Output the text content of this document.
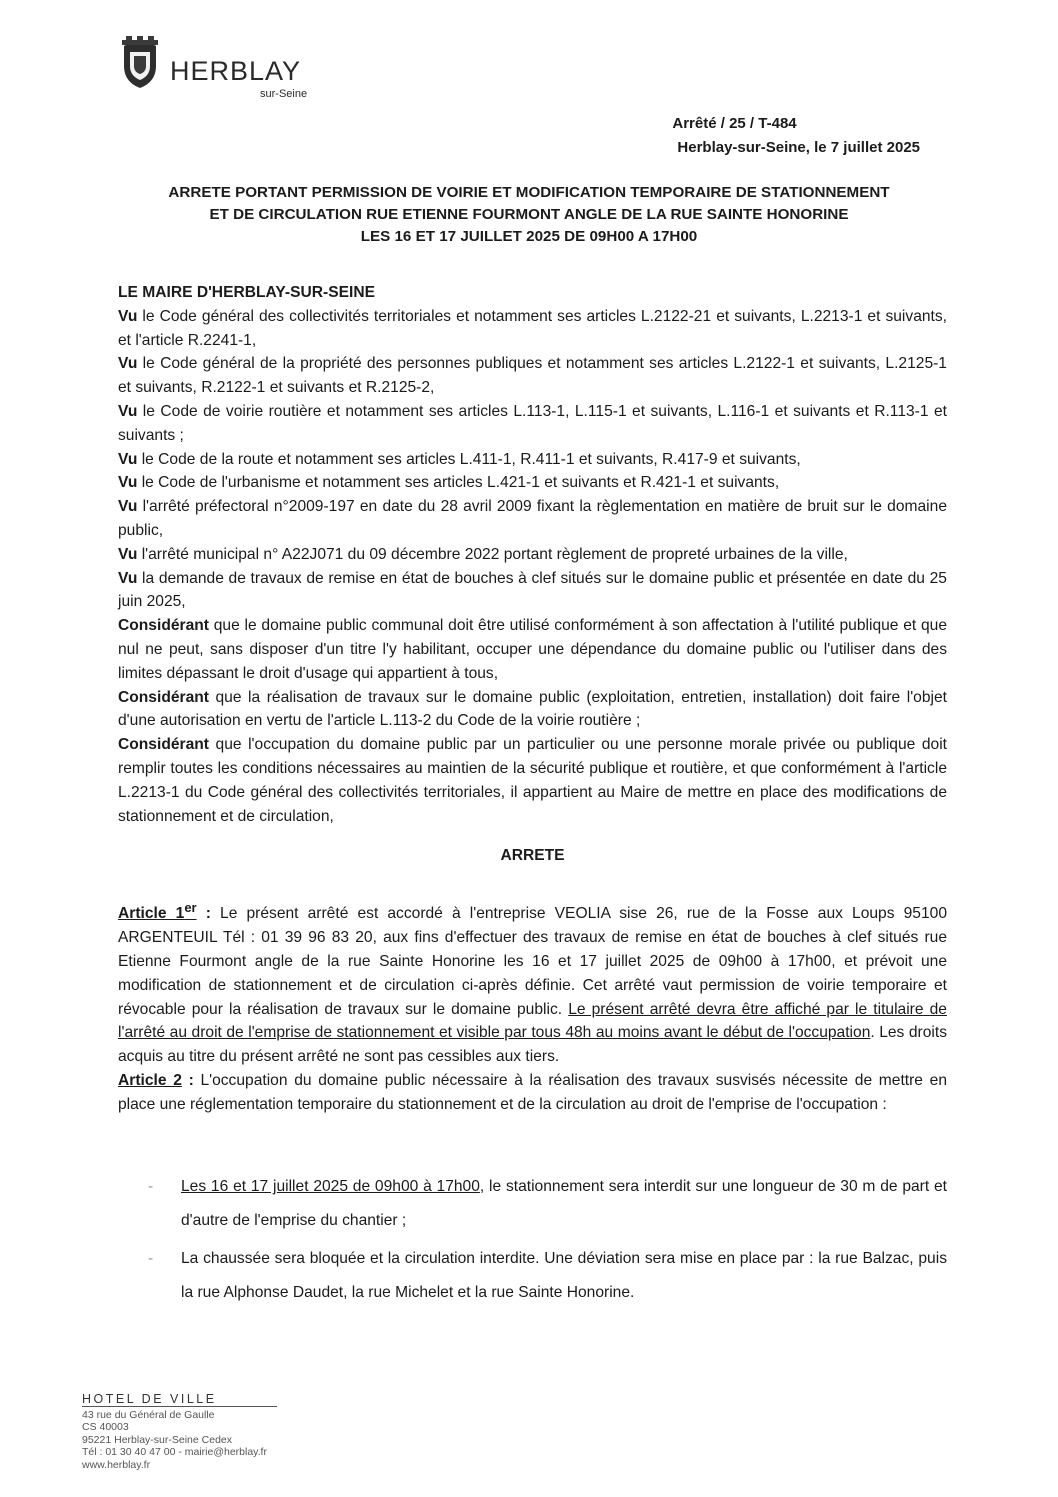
HERBLAY
sur-Seine
Arrêté / 25 / T-484
Herblay-sur-Seine, le 7 juillet 2025
ARRETE PORTANT PERMISSION DE VOIRIE ET MODIFICATION TEMPORAIRE DE STATIONNEMENT
ET DE CIRCULATION RUE ETIENNE FOURMONT ANGLE DE LA RUE SAINTE HONORINE
LES 16 ET 17 JUILLET 2025 DE 09H00 A 17H00

LE MAIRE D'HERBLAY-SUR-SEINE

Vu le Code général des collectivités territoriales et notamment ses articles L.2122-21 et suivants, L.2213-1 et suivants, et l'article R.2241-1,

Vu le Code général de la propriété des personnes publiques et notamment ses articles L.2122-1 et suivants, L.2125-1 et suivants, R.2122-1 et suivants et R.2125-2,

Vu le Code de voirie routière et notamment ses articles L.113-1, L.115-1 et suivants, L.116-1 et suivants et R.113-1 et suivants ;

Vu le Code de la route et notamment ses articles L.411-1, R.411-1 et suivants, R.417-9 et suivants,

Vu le Code de l'urbanisme et notamment ses articles L.421-1 et suivants et R.421-1 et suivants,

Vu l'arrêté préfectoral n°2009-197 en date du 28 avril 2009 fixant la règlementation en matière de bruit sur le domaine public,

Vu l'arrêté municipal n° A22J071 du 09 décembre 2022 portant règlement de propreté urbaines de la ville,

Vu la demande de travaux de remise en état de bouches à clef situés sur le domaine public et présentée en date du 25 juin 2025,

Considérant que le domaine public communal doit être utilisé conformément à son affectation à l'utilité publique et que nul ne peut, sans disposer d'un titre l'y habilitant, occuper une dépendance du domaine public ou l'utiliser dans des limites dépassant le droit d'usage qui appartient à tous,

Considérant que la réalisation de travaux sur le domaine public (exploitation, entretien, installation) doit faire l'objet d'une autorisation en vertu de l'article L.113-2 du Code de la voirie routière ;

Considérant que l'occupation du domaine public par un particulier ou une personne morale privée ou publique doit remplir toutes les conditions nécessaires au maintien de la sécurité publique et routière, et que conformément à l'article L.2213-1 du Code général des collectivités territoriales, il appartient au Maire de mettre en place des modifications de stationnement et de circulation,

ARRETE

Article 1er : Le présent arrêté est accordé à l'entreprise VEOLIA sise 26, rue de la Fosse aux Loups 95100 ARGENTEUIL Tél : 01 39 96 83 20, aux fins d'effectuer des travaux de remise en état de bouches à clef situés rue Etienne Fourmont angle de la rue Sainte Honorine les 16 et 17 juillet 2025 de 09h00 à 17h00, et prévoit une modification de stationnement et de circulation ci-après définie. Cet arrêté vaut permission de voirie temporaire et révocable pour la réalisation de travaux sur le domaine public. Le présent arrêté devra être affiché par le titulaire de l'arrêté au droit de l'emprise de stationnement et visible par tous 48h au moins avant le début de l'occupation. Les droits acquis au titre du présent arrêté ne sont pas cessibles aux tiers.

Article 2 : L'occupation du domaine public nécessaire à la réalisation des travaux susvisés nécessite de mettre en place une réglementation temporaire du stationnement et de la circulation au droit de l'emprise de l'occupation :

- Les 16 et 17 juillet 2025 de 09h00 à 17h00, le stationnement sera interdit sur une longueur de 30 m de part et d'autre de l'emprise du chantier ;
- La chaussée sera bloquée et la circulation interdite. Une déviation sera mise en place par : la rue Balzac, puis la rue Alphonse Daudet, la rue Michelet et la rue Sainte Honorine.
HOTEL DE VILLE
43 rue du Général de Gaulle
CS 40003
95221 Herblay-sur-Seine Cedex
Tél : 01 30 40 47 00 - mairie@herblay.fr
www.herblay.fr
